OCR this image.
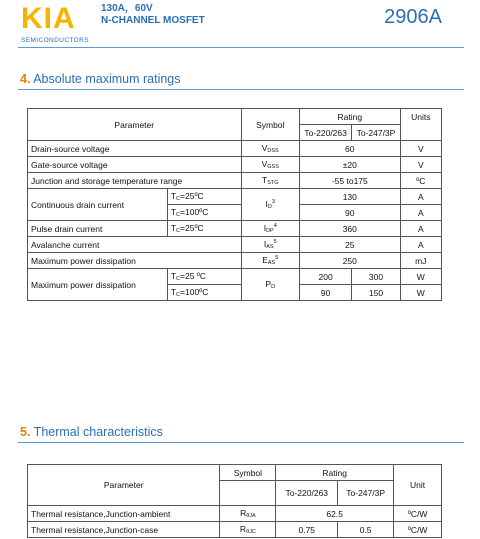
KIA
SEMICONDUCTORS
130A，60V
N-CHANNEL MOSFET	2906A
4. Absolute maximum ratings
Parameter		Symbol	Rating		Units
			To-220/263	To-247/3P	
Drain-source voltage		$V_{DSS}$	60		V
Gate-source voltage		$V_{GSS}$	±20		V
Junction and storage temperature range		$T_{STG}$	-55 to175		ºC
Continuous drain current	$T_C=25ºC$	$I_D^3$	130		A
	$T_C=100ºC$		90		A
Pulse drain current	$T_C=25ºC$	$I_{DP}^4$	360		A
Avalanche current		$I_{AS}^5$	25		A
Maximum power dissipation		$E_{AS}^5$	250		mJ
Maximum power dissipation	$T_C=25$ ºC	$P_D$	200	300	W
	$T_C=100ºC$		90	150	W
5. Thermal characteristics
Parameter	Symbol	Rating		Unit
		To-220/263	To-247/3P	
Thermal resistance,Junction-ambient	$R_{\theta JA}$	62.5		ºC/W
Thermal resistance,Junction-case	$R_{\theta JC}$	0.75	0.5	ºC/W
